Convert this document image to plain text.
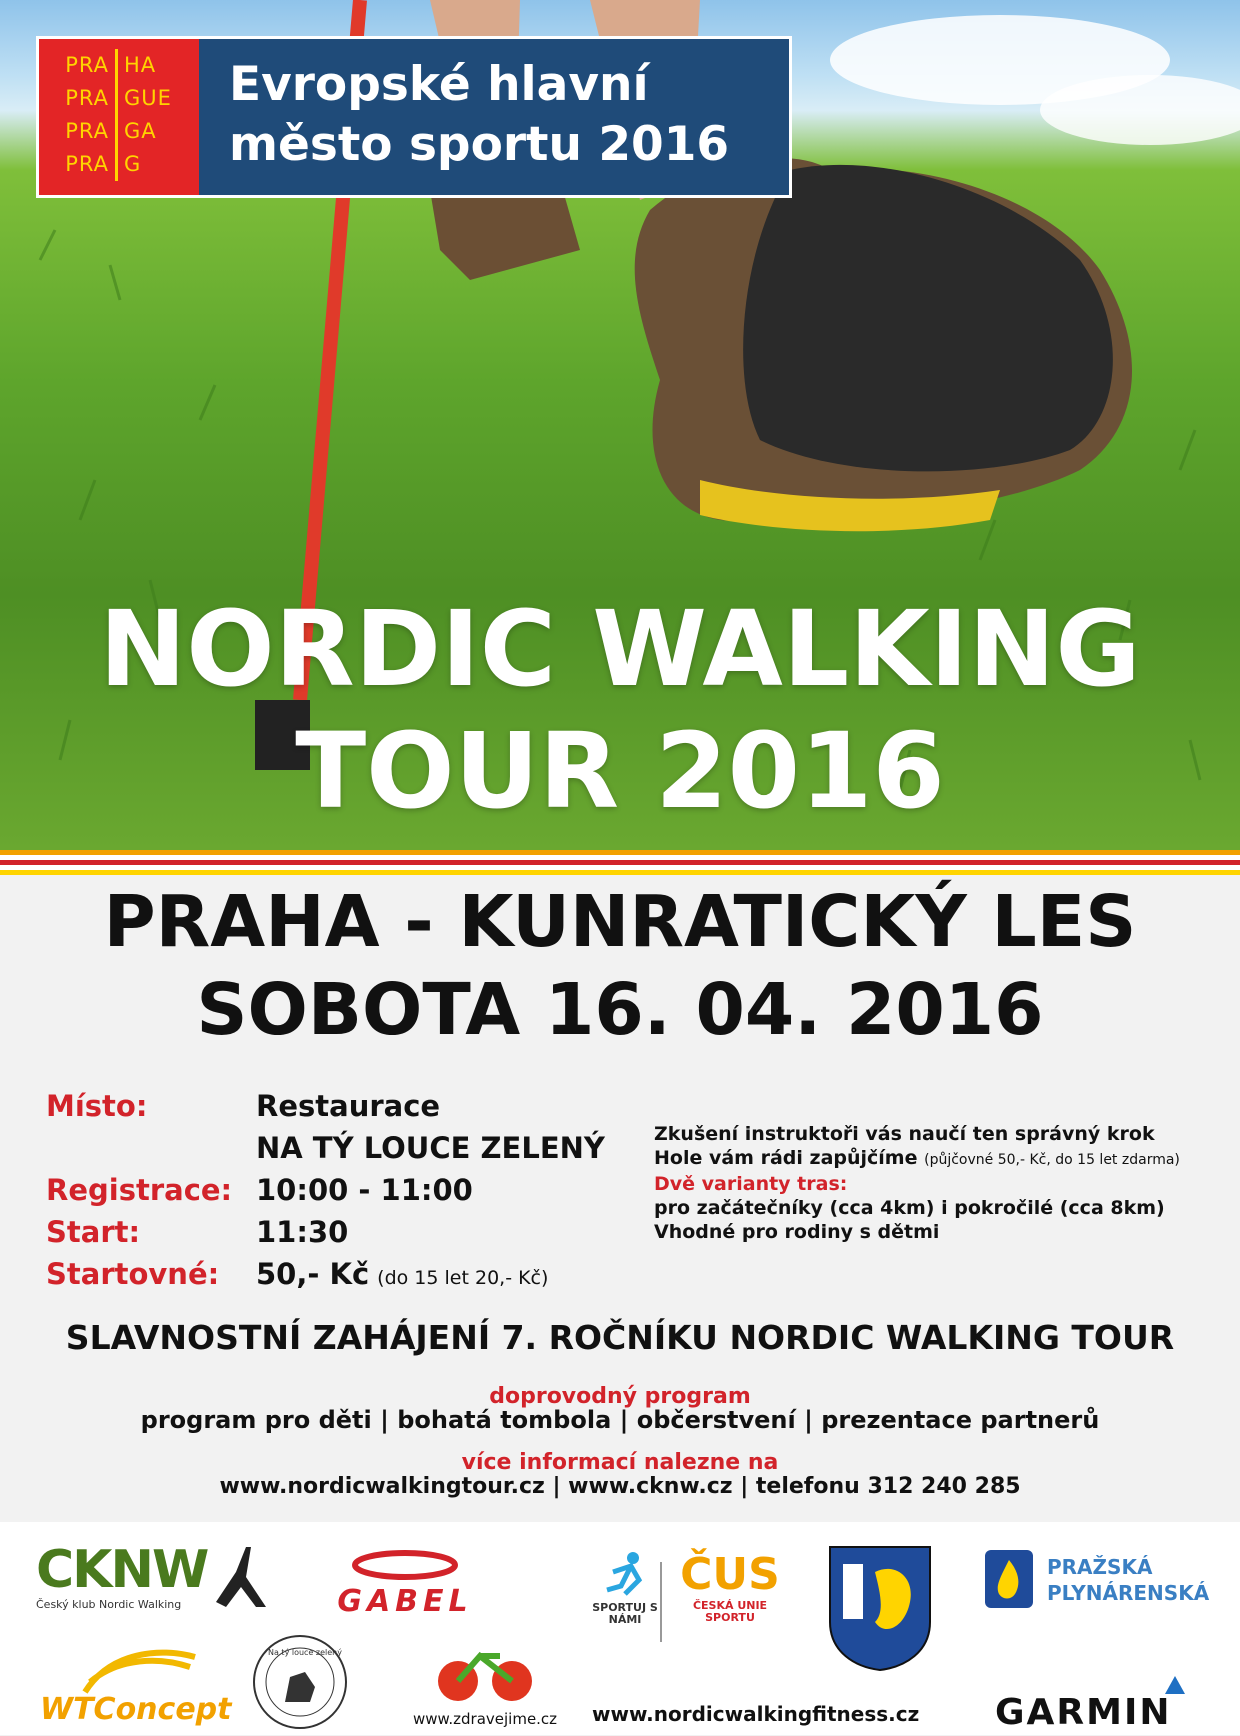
PRA HA
PRA GUE
PRA GA
PRA G
Evropské hlavní
město sportu 2016
NORDIC WALKING
TOUR 2016
PRAHA - KUNRATICKÝ LES
SOBOTA 16. 04. 2016
Místo:	Restaurace
NA TÝ LOUCE ZELENÝ
Registrace: 10:00 - 11:00
Start:	11:30
Startovné:	50,- Kč (do 15 let 20,- Kč)
Zkušení instruktoři vás naučí ten správný krok
Hole vám rádi zapůjčíme (půjčovné 50,- Kč, do 15 let zdarma)
Dvě varianty tras:
pro začátečníky (cca 4km) i pokročilé (cca 8km)
Vhodné pro rodiny s dětmi
SLAVNOSTNÍ ZAHÁJENÍ 7. ROČNÍKU NORDIC WALKING TOUR
doprovodný program
program pro děti | bohatá tombola | občerstvení | prezentace partnerů
více informací nalezne na
www.nordicwalkingtour.cz | www.cknw.cz | telefonu 312 240 285
CKNW
Český klub Nordic Walking	GABEL	SPORTUJ S NÁMI
ČUS
ČESKÁ UNIE SPORTU
PRAŽSKÁ
PLYNÁRENSKÁ
WTConcept
Na tý louce zelený
www.zdravejime.cz	www.nordicwalkingfitness.cz	GARMIN
